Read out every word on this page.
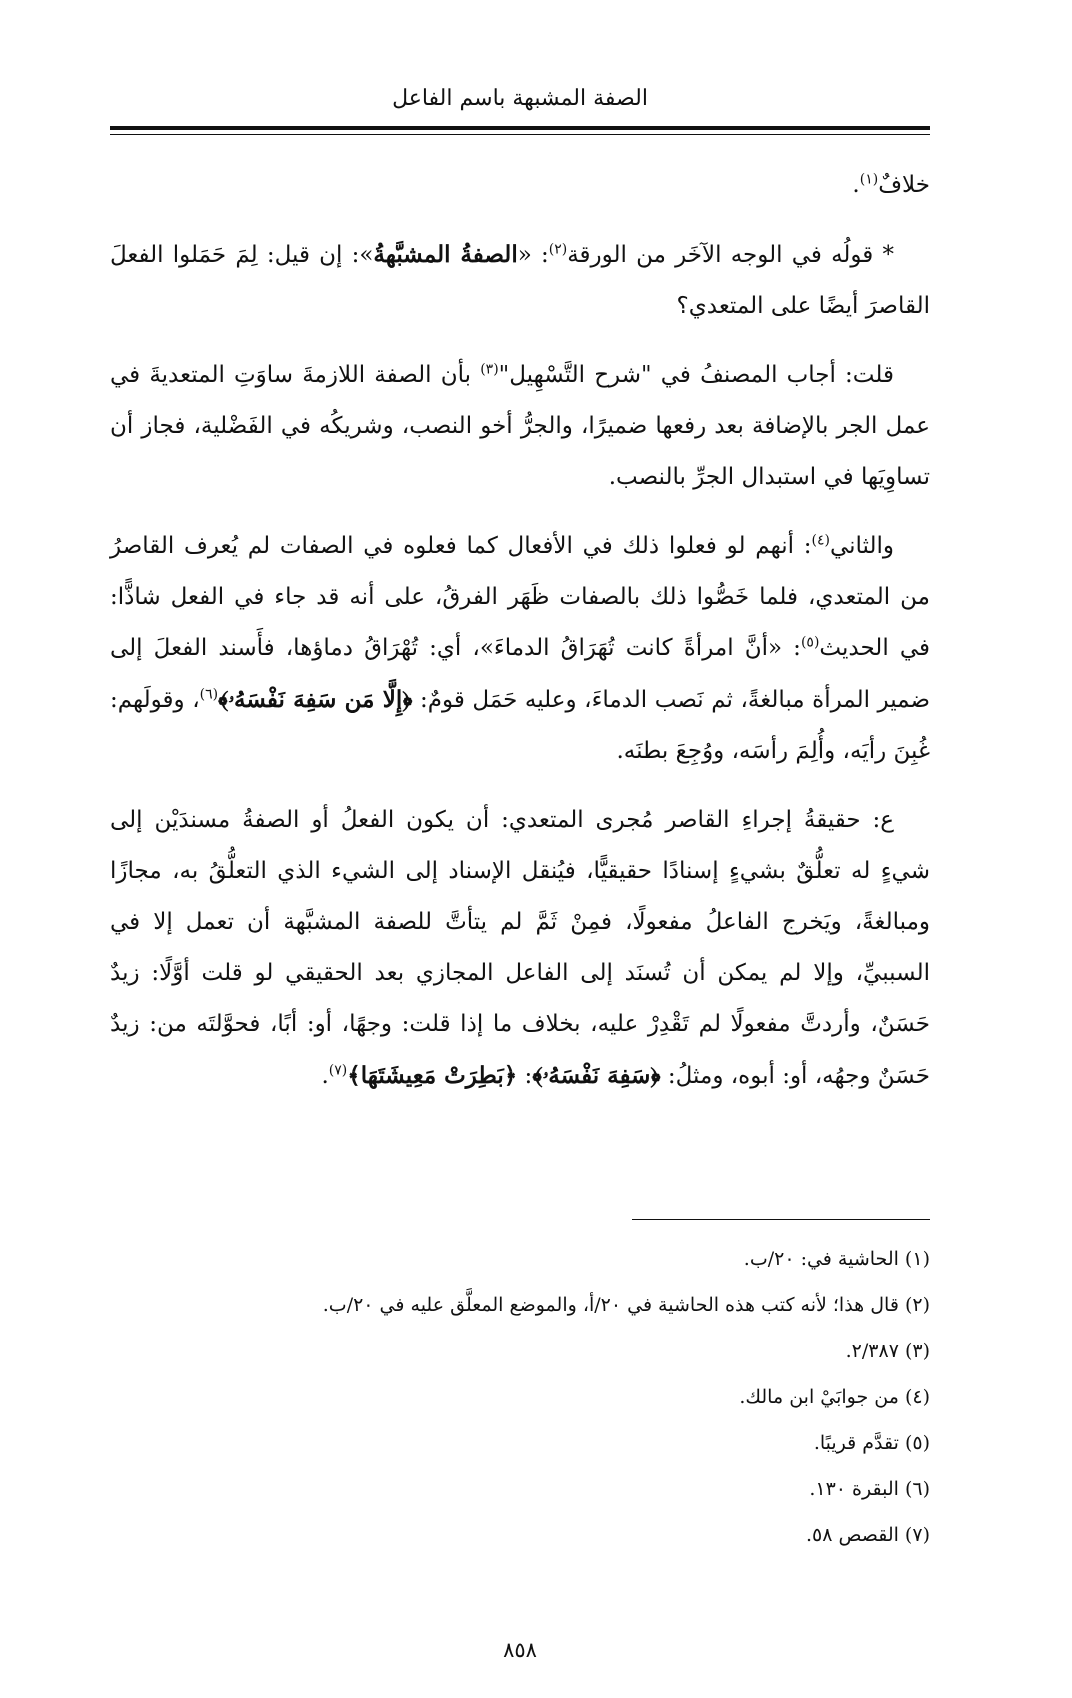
الصفة المشبهة باسم الفاعل

خلافٌ$^{(١)}$.

* قولُه في الوجه الآخَر من الورقة$^{(٢)}$: «الصفةُ المشبَّهةُ»: إن قيل: لِمَ حَمَلوا الفعلَ القاصرَ أيضًا على المتعدي؟

قلت: أجاب المصنفُ في "شرح التَّسْهِيل"$^{(٣)}$ بأن الصفة اللازمةَ ساوَتِ المتعديةَ في عمل الجر بالإضافة بعد رفعها ضميرًا، والجرُّ أخو النصب، وشريكُه في الفَضْلية، فجاز أن تساوِيَها في استبدال الجرِّ بالنصب.

والثاني$^{(٤)}$: أنهم لو فعلوا ذلك في الأفعال كما فعلوه في الصفات لم يُعرف القاصرُ من المتعدي، فلما خَصُّوا ذلك بالصفات ظَهَر الفرقُ، على أنه قد جاء في الفعل شاذًّا: في الحديث$^{(٥)}$: «أنَّ امرأةً كانت تُهَرَاقُ الدماءَ»، أي: تُهْرَاقُ دماؤها، فأَسند الفعلَ إلى ضمير المرأة مبالغةً، ثم نَصب الدماءَ، وعليه حَمَل قومٌ: ﴿إِلَّا مَن سَفِهَ نَفْسَهُۥ﴾$^{(٦)}$، وقولَهم: غُبِنَ رأيَه، وأُلِمَ رأسَه، ووُجِعَ بطنَه.

ع: حقيقةُ إجراءِ القاصر مُجرى المتعدي: أن يكون الفعلُ أو الصفةُ مسندَيْن إلى شيءٍ له تعلُّقٌ بشيءٍ إسنادًا حقيقيًّا، فيُنقل الإسناد إلى الشيء الذي التعلُّقُ به، مجازًا ومبالغةً، ويَخرج الفاعلُ مفعولًا، فمِنْ ثَمَّ لم يتأتَّ للصفة المشبَّهة أن تعمل إلا في السببيِّ، وإلا لم يمكن أن تُسنَد إلى الفاعل المجازي بعد الحقيقي لو قلت أوَّلًا: زيدٌ حَسَنٌ، وأردتَّ مفعولًا لم تَقْدِرْ عليه، بخلاف ما إذا قلت: وجهًا، أو: أبًا، فحوَّلتَه من: زيدٌ حَسَنٌ وجهُه، أو: أبوه، ومثلُ: ﴿سَفِهَ نَفْسَهُۥ﴾: ﴿بَطِرَتْ مَعِيشَتَهَا﴾$^{(٧)}$.

(١) الحاشية في: ٢٠/ب.

(٢) قال هذا؛ لأنه كتب هذه الحاشية في ٢٠/أ، والموضع المعلَّق عليه في ٢٠/ب.

(٣) ٢/٣٨٧.

(٤) من جوابَيْ ابن مالك.

(٥) تقدَّم قريبًا.

(٦) البقرة ١٣٠.

(٧) القصص ٥٨.

٨٥٨
